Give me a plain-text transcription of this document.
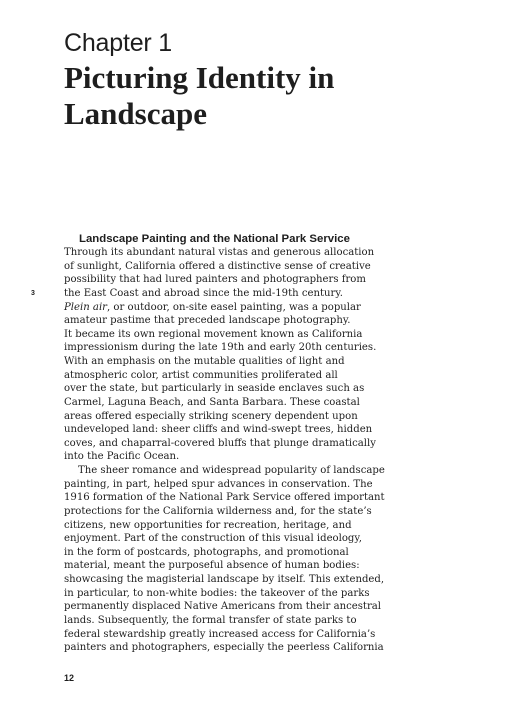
Chapter 1
Picturing Identity in
Landscape
Landscape Painting and the National Park Service
3
Through its abundant natural vistas and generous allocation
of sunlight, California offered a distinctive sense of creative
possibility that had lured painters and photographers from
the East Coast and abroad since the mid-19th century.
Plein air, or outdoor, on-site easel painting, was a popular
amateur pastime that preceded landscape photography.
It became its own regional movement known as California
impressionism during the late 19th and early 20th centuries.
With an emphasis on the mutable qualities of light and
atmospheric color, artist communities proliferated all
over the state, but particularly in seaside enclaves such as
Carmel, Laguna Beach, and Santa Barbara. These coastal
areas offered especially striking scenery dependent upon
undeveloped land: sheer cliffs and wind-swept trees, hidden
coves, and chaparral-covered bluffs that plunge dramatically
into the Pacific Ocean.
The sheer romance and widespread popularity of landscape
painting, in part, helped spur advances in conservation. The
1916 formation of the National Park Service offered important
protections for the California wilderness and, for the state’s
citizens, new opportunities for recreation, heritage, and
enjoyment. Part of the construction of this visual ideology,
in the form of postcards, photographs, and promotional
material, meant the purposeful absence of human bodies:
showcasing the magisterial landscape by itself. This extended,
in particular, to non-white bodies: the takeover of the parks
permanently displaced Native Americans from their ancestral
lands. Subsequently, the formal transfer of state parks to
federal stewardship greatly increased access for California’s
painters and photographers, especially the peerless California
12
